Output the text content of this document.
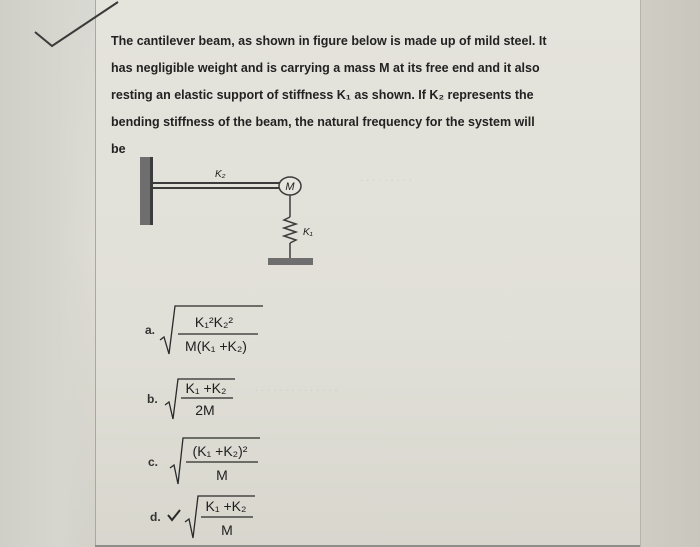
. . . . . . . . .
. . . . . . . . . . . . . .
The cantilever beam, as shown in figure below is made up of mild steel. It
has negligible weight and is carrying a mass M at its free end and it also
resting an elastic support of stiffness K₁ as shown. If K₂ represents the
bending stiffness of the beam, the natural frequency for the system will
be
M
K₂
K₁
a.	K₁²K₂²
M(K₁ +K₂)
b.
K₁ +K₂
2M
c.
(K₁ +K₂)²
M
d.
K₁ +K₂
M
